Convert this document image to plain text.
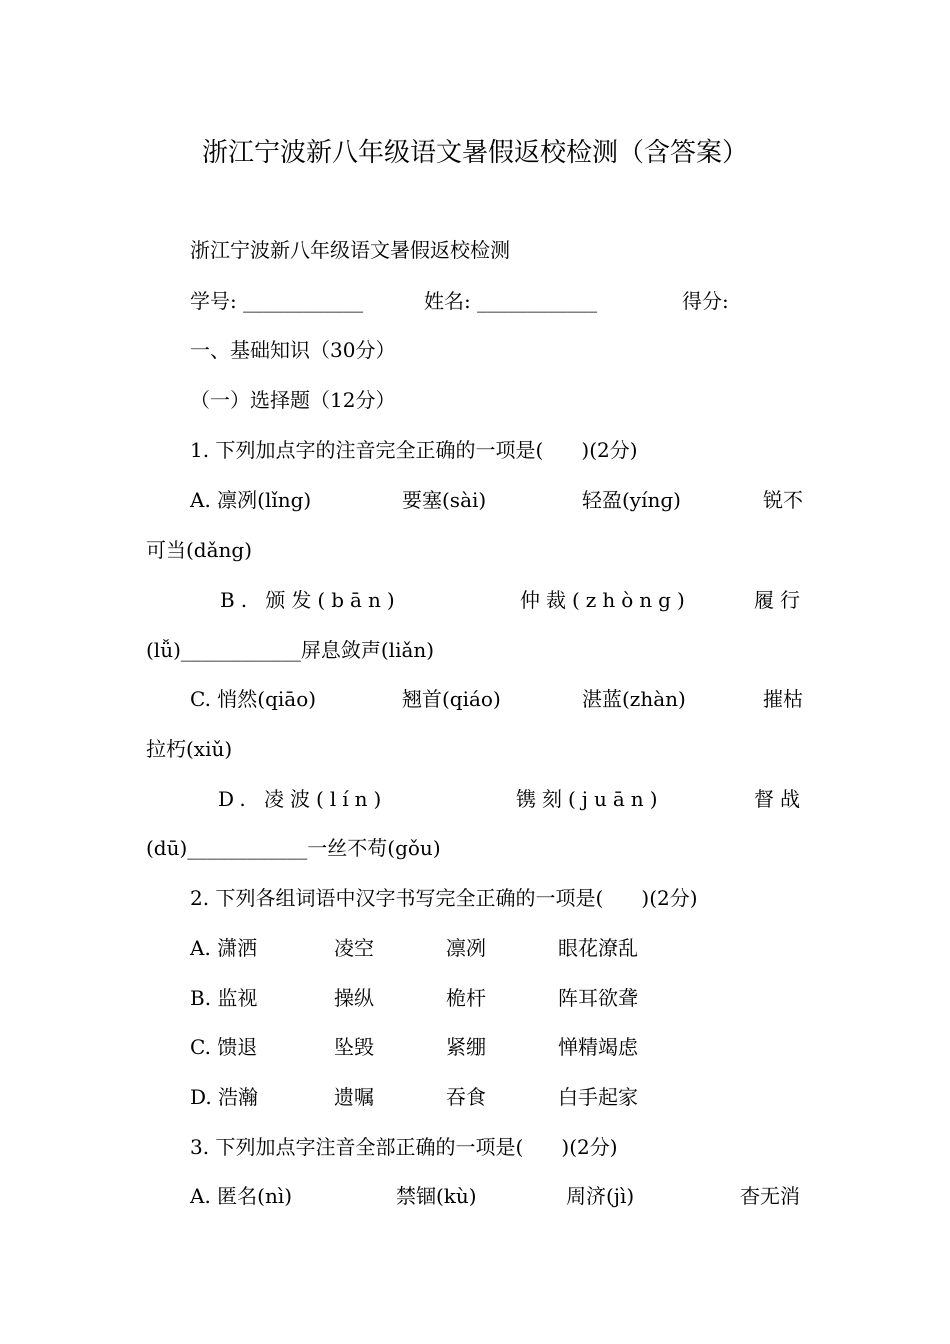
浙江宁波新八年级语文暑假返校检测（含答案）
浙江宁波新八年级语文暑假返校检测
学号: ____________	姓名: ____________	得分:
一、基础知识（30分）
（一）选择题（12分）
1. 下列加点字的注音完全正确的一项是(      )(2分)
A. 凛冽(lǐng)	要塞(sài)	轻盈(yínɡ)	锐不
可当(dǎng)
B. 颁发(bān)	仲裁(zhòng)	履行
(lǚ)____________屏息敛声(liǎn)
C. 悄然(qiāo)	翘首(qiáo)	湛蓝(zhàn)	摧枯
拉朽(xiǔ)
D. 凌波(lín)	镌刻(juān)	督战
(dū)____________一丝不苟(gǒu)
2. 下列各组词语中汉字书写完全正确的一项是(      )(2分)
A. 潇洒	凌空	凛冽	眼花潦乱
B. 监视	操纵	桅杆	阵耳欲聋
C. 馈退	坠毁	紧绷	惮精竭虑
D. 浩瀚	遗嘱	吞食	白手起家
3. 下列加点字注音全部正确的一项是(      )(2分)
A. 匿名(nì)	禁锢(kù)	周济(jì)	杳无消
